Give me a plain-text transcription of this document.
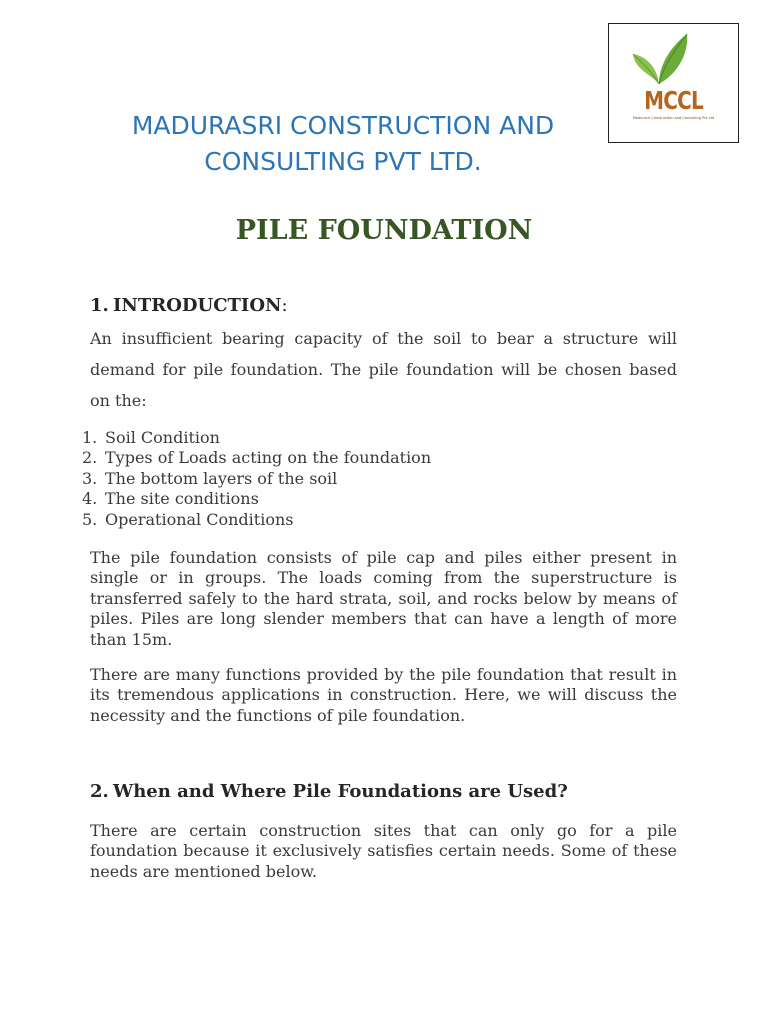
MCCL
Madurasri Construction and Consulting Pvt Ltd
MADURASRI CONSTRUCTION AND
CONSULTING PVT LTD.
PILE FOUNDATION
1. INTRODUCTION:

An insufficient bearing capacity of the soil to bear a structure will demand for pile foundation. The pile foundation will be chosen based on the:

1. Soil Condition
2. Types of Loads acting on the foundation
3. The bottom layers of the soil
4. The site conditions
5. Operational Conditions

The pile foundation consists of pile cap and piles either present in single or in groups. The loads coming from the superstructure is transferred safely to the hard strata, soil, and rocks below by means of piles. Piles are long slender members that can have a length of more than 15m.

There are many functions provided by the pile foundation that result in its tremendous applications in construction. Here, we will discuss the necessity and the functions of pile foundation.

2. When and Where Pile Foundations are Used?

There are certain construction sites that can only go for a pile foundation because it exclusively satisfies certain needs. Some of these needs are mentioned below.
